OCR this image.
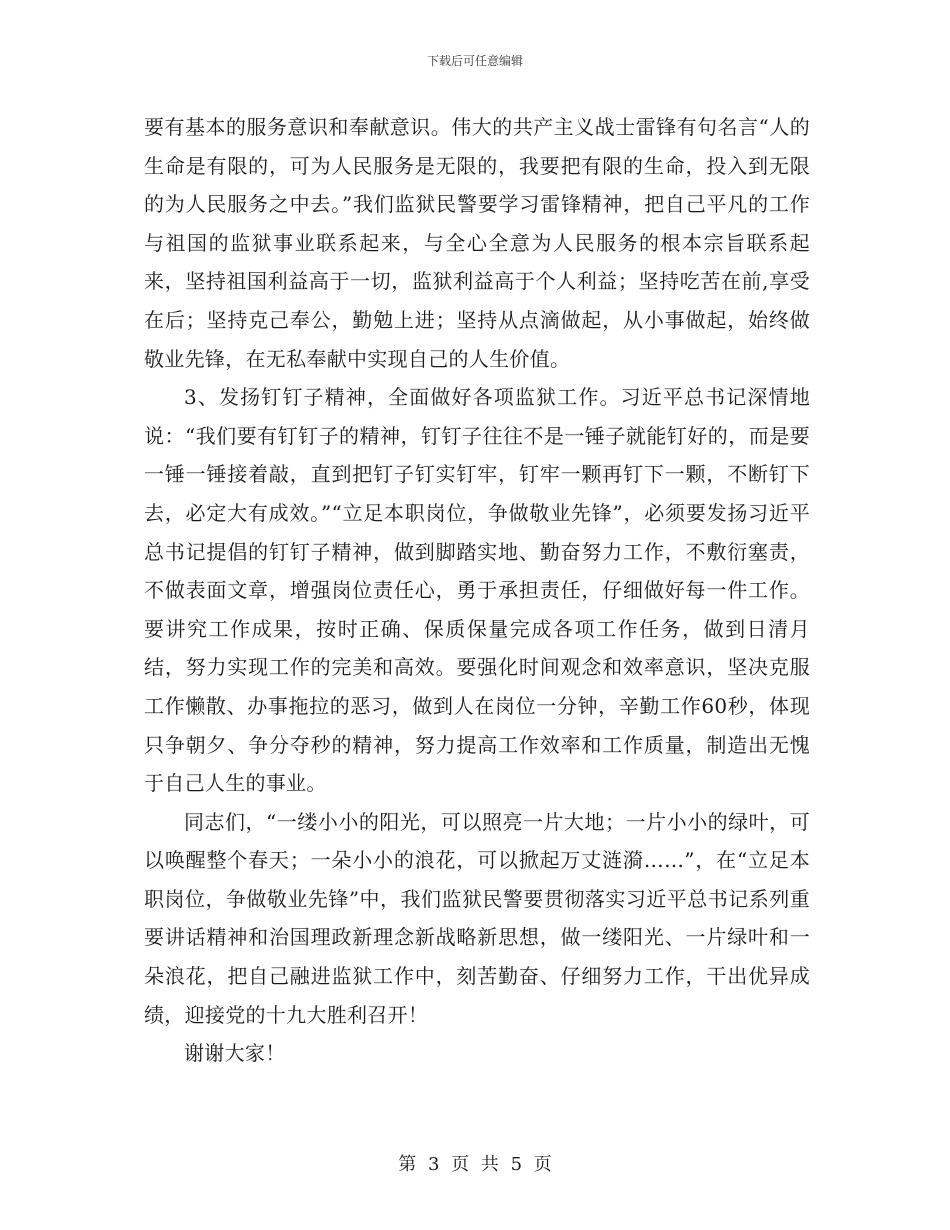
下载后可任意编辑

要有基本的服务意识和奉献意识。伟大的共产主义战士雷锋有句名言“人的生命是有限的，可为人民服务是无限的，我要把有限的生命，投入到无限的为人民服务之中去。”我们监狱民警要学习雷锋精神，把自己平凡的工作与祖国的监狱事业联系起来，与全心全意为人民服务的根本宗旨联系起来，坚持祖国利益高于一切，监狱利益高于个人利益；坚持吃苦在前,享受在后；坚持克己奉公，勤勉上进；坚持从点滴做起，从小事做起，始终做敬业先锋，在无私奉献中实现自己的人生价值。

3、发扬钉钉子精神，全面做好各项监狱工作。习近平总书记深情地说：“我们要有钉钉子的精神，钉钉子往往不是一锤子就能钉好的，而是要一锤一锤接着敲，直到把钉子钉实钉牢，钉牢一颗再钉下一颗，不断钉下去，必定大有成效。”“立足本职岗位，争做敬业先锋”，必须要发扬习近平总书记提倡的钉钉子精神，做到脚踏实地、勤奋努力工作，不敷衍塞责，不做表面文章，增强岗位责任心，勇于承担责任，仔细做好每一件工作。要讲究工作成果，按时正确、保质保量完成各项工作任务，做到日清月结，努力实现工作的完美和高效。要强化时间观念和效率意识，坚决克服工作懒散、办事拖拉的恶习，做到人在岗位一分钟，辛勤工作60秒，体现只争朝夕、争分夺秒的精神，努力提高工作效率和工作质量，制造出无愧于自己人生的事业。

同志们，“一缕小小的阳光，可以照亮一片大地；一片小小的绿叶，可以唤醒整个春天；一朵小小的浪花，可以掀起万丈涟漪……”，在“立足本职岗位，争做敬业先锋”中，我们监狱民警要贯彻落实习近平总书记系列重要讲话精神和治国理政新理念新战略新思想，做一缕阳光、一片绿叶和一朵浪花，把自己融进监狱工作中，刻苦勤奋、仔细努力工作，干出优异成绩，迎接党的十九大胜利召开！

谢谢大家！

第 3 页 共 5 页
